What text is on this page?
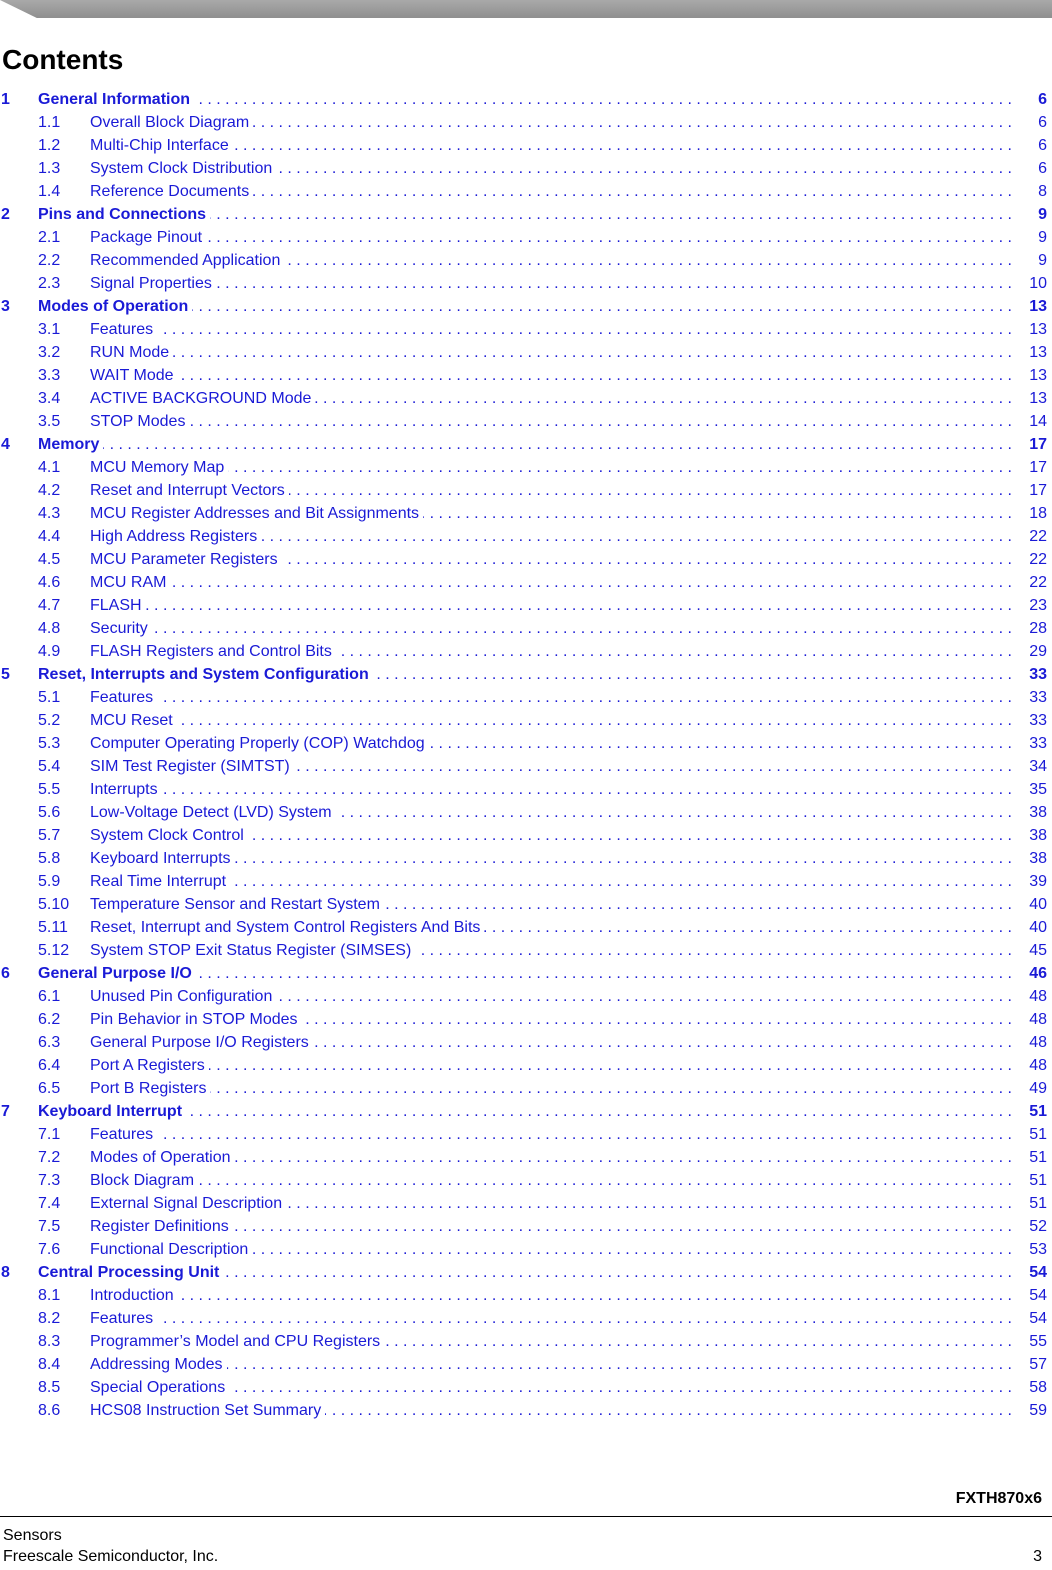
Contents
1 General Information . . .	6
1.1 Overall Block Diagram . . .	6
1.2 Multi-Chip Interface . . .	6
1.3 System Clock Distribution . . .	6
1.4 Reference Documents . . .	8
2 Pins and Connections . . .	9
2.1 Package Pinout . . .	9
2.2 Recommended Application . . .	9
2.3 Signal Properties . . .	10
3 Modes of Operation . . .	13
3.1 Features . . .	13
3.2 RUN Mode . . .	13
3.3 WAIT Mode . . .	13
3.4 ACTIVE BACKGROUND Mode . . .	13
3.5 STOP Modes . . .	14
4 Memory . . .	17
4.1 MCU Memory Map . . .	17
4.2 Reset and Interrupt Vectors . . .	17
4.3 MCU Register Addresses and Bit Assignments . . .	18
4.4 High Address Registers . . .	22
4.5 MCU Parameter Registers . . .	22
4.6 MCU RAM . . .	22
4.7 FLASH . . .	23
4.8 Security . . .	28
4.9 FLASH Registers and Control Bits . . .	29
5 Reset, Interrupts and System Configuration . . .	33
5.1 Features . . .	33
5.2 MCU Reset . . .	33
5.3 Computer Operating Properly (COP) Watchdog . . .	33
5.4 SIM Test Register (SIMTST) . . .	34
5.5 Interrupts . . .	35
5.6 Low-Voltage Detect (LVD) System . . .	38
5.7 System Clock Control . . .	38
5.8 Keyboard Interrupts . . .	38
5.9 Real Time Interrupt . . .	39
5.10 Temperature Sensor and Restart System . . .	40
5.11 Reset, Interrupt and System Control Registers And Bits . . .	40
5.12 System STOP Exit Status Register (SIMSES) . . .	45
6 General Purpose I/O . . .	46
6.1 Unused Pin Configuration . . .	48
6.2 Pin Behavior in STOP Modes . . .	48
6.3 General Purpose I/O Registers . . .	48
6.4 Port A Registers . . .	48
6.5 Port B Registers . . .	49
7 Keyboard Interrupt . . .	51
7.1 Features . . .	51
7.2 Modes of Operation . . .	51
7.3 Block Diagram . . .	51
7.4 External Signal Description . . .	51
7.5 Register Definitions . . .	52
7.6 Functional Description . . .	53
8 Central Processing Unit . . .	54
8.1 Introduction . . .	54
8.2 Features . . .	54
8.3 Programmer’s Model and CPU Registers . . .	55
8.4 Addressing Modes . . .	57
8.5 Special Operations . . .	58
8.6 HCS08 Instruction Set Summary . . .	59
FXTH870x6
Sensors
Freescale Semiconductor, Inc.	3
